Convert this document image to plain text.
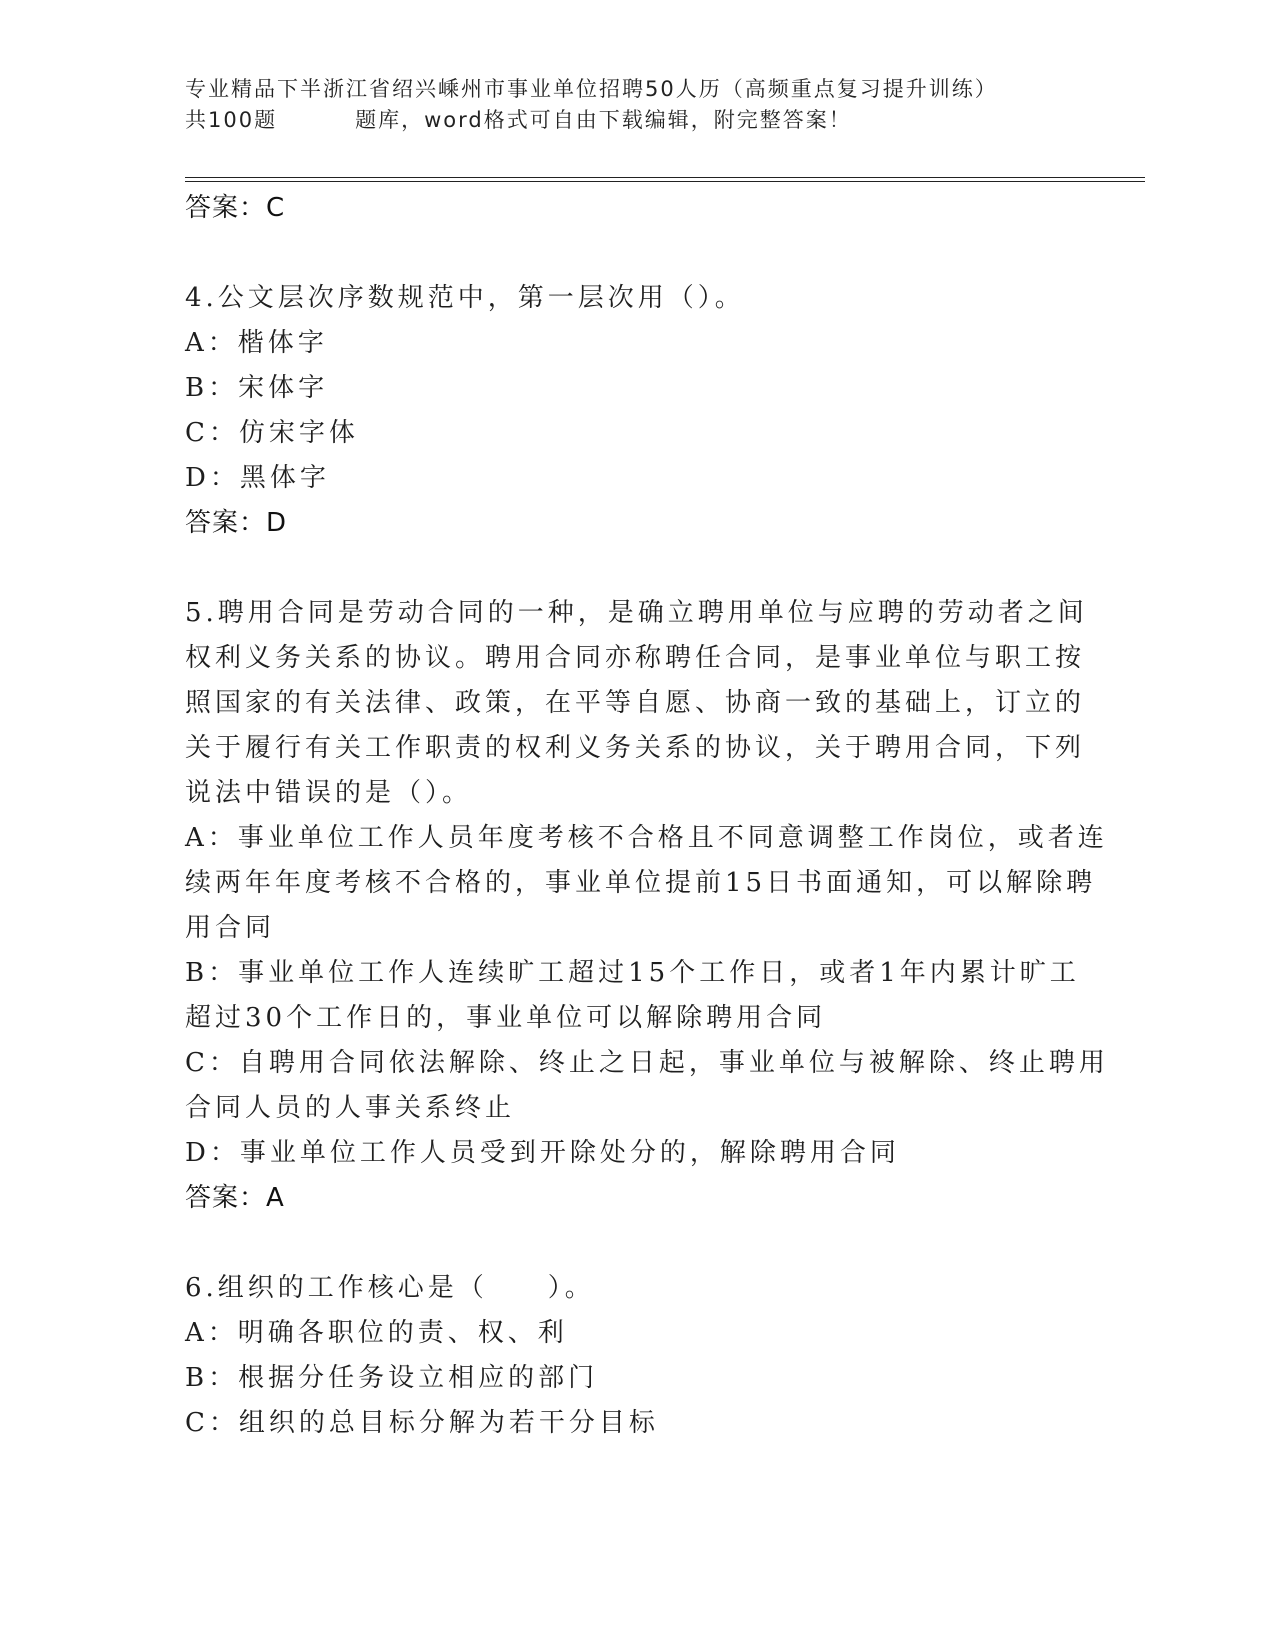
专业精品下半浙江省绍兴嵊州市事业单位招聘50人历（高频重点复习提升训练）
共100题	题库，word格式可自由下载编辑，附完整答案！
答案：C
4.公文层次序数规范中，第一层次用（）。
A：楷体字
B：宋体字
C：仿宋字体
D：黑体字
答案：D
5.聘用合同是劳动合同的一种，是确立聘用单位与应聘的劳动者之间
权利义务关系的协议。聘用合同亦称聘任合同，是事业单位与职工按
照国家的有关法律、政策，在平等自愿、协商一致的基础上，订立的
关于履行有关工作职责的权利义务关系的协议，关于聘用合同，下列
说法中错误的是（）。
A：事业单位工作人员年度考核不合格且不同意调整工作岗位，或者连
续两年年度考核不合格的，事业单位提前15日书面通知，可以解除聘
用合同
B：事业单位工作人连续旷工超过15个工作日，或者1年内累计旷工
超过30个工作日的，事业单位可以解除聘用合同
C：自聘用合同依法解除、终止之日起，事业单位与被解除、终止聘用
合同人员的人事关系终止
D：事业单位工作人员受到开除处分的，解除聘用合同
答案：A
6.组织的工作核心是（　　）。
A：明确各职位的责、权、利
B：根据分任务设立相应的部门
C：组织的总目标分解为若干分目标
